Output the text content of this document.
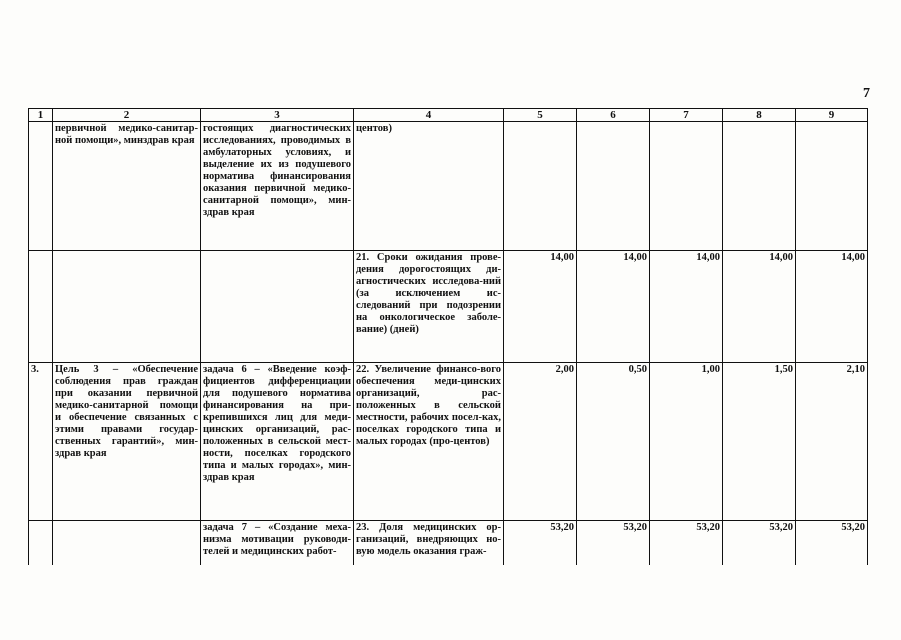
7
1	2	3	4	5	6	7	8	9
	первичной медико-санитар-ной помощи», минздрав края	гостоящих диагностических исследованиях, проводимых в амбулаторных условиях, и выделение их из подушевого норматива финансирования оказания первичной медико-санитарной помощи», мин-здрав края	центов)					
			21. Сроки ожидания прове-дения дорогостоящих ди-агностических исследова-ний (за исключением ис-следований при подозрении на онкологическое заболе-вание) (дней)	14,00	14,00	14,00	14,00	14,00
3.	Цель 3 – «Обеспечение соблюдения прав граждан при оказании первичной медико-санитарной помощи и обеспечение связанных с этими правами государ-ственных гарантий», мин-здрав края	задача 6 – «Введение коэф-фициентов дифференциации для подушевого норматива финансирования на при-крепившихся лиц для меди-цинских организаций, рас-положенных в сельской мест-ности, поселках городского типа и малых городах», мин-здрав края	22. Увеличение финансо-вого обеспечения меди-цинских организаций, рас-положенных в сельской местности, рабочих посел-ках, поселках городского типа и малых городах (про-центов)	2,00	0,50	1,00	1,50	2,10
		задача 7 – «Создание меха-низма мотивации руководи-телей и медицинских работ-	23. Доля медицинских ор-ганизаций, внедряющих но-вую модель оказания граж-	53,20	53,20	53,20	53,20	53,20
